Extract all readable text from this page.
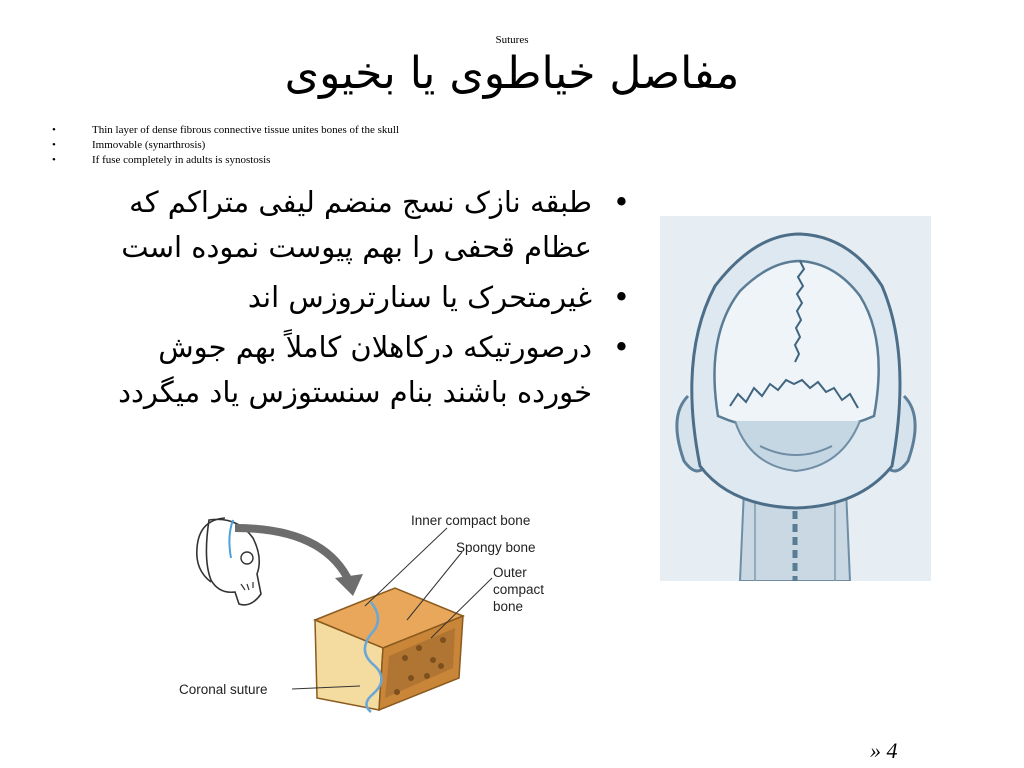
Sutures
مفاصل خیاطوی یا بخیوی
• Thin layer of dense fibrous connective tissue unites bones of the skull
• Immovable (synarthrosis)
• If fuse completely in adults is synostosis
• طبقه نازک نسج منضم لیفی متراکم که عظام قحفی را بهم پیوست نموده است
• غیرمتحرک یا سنارتروزس اند
• درصورتیکه درکاهلان کاملاً بهم جوش خورده باشند بنام سنستوزس یاد میگردد
Inner compact bone
Spongy bone
Outer
compact
bone
Coronal suture
» 4
